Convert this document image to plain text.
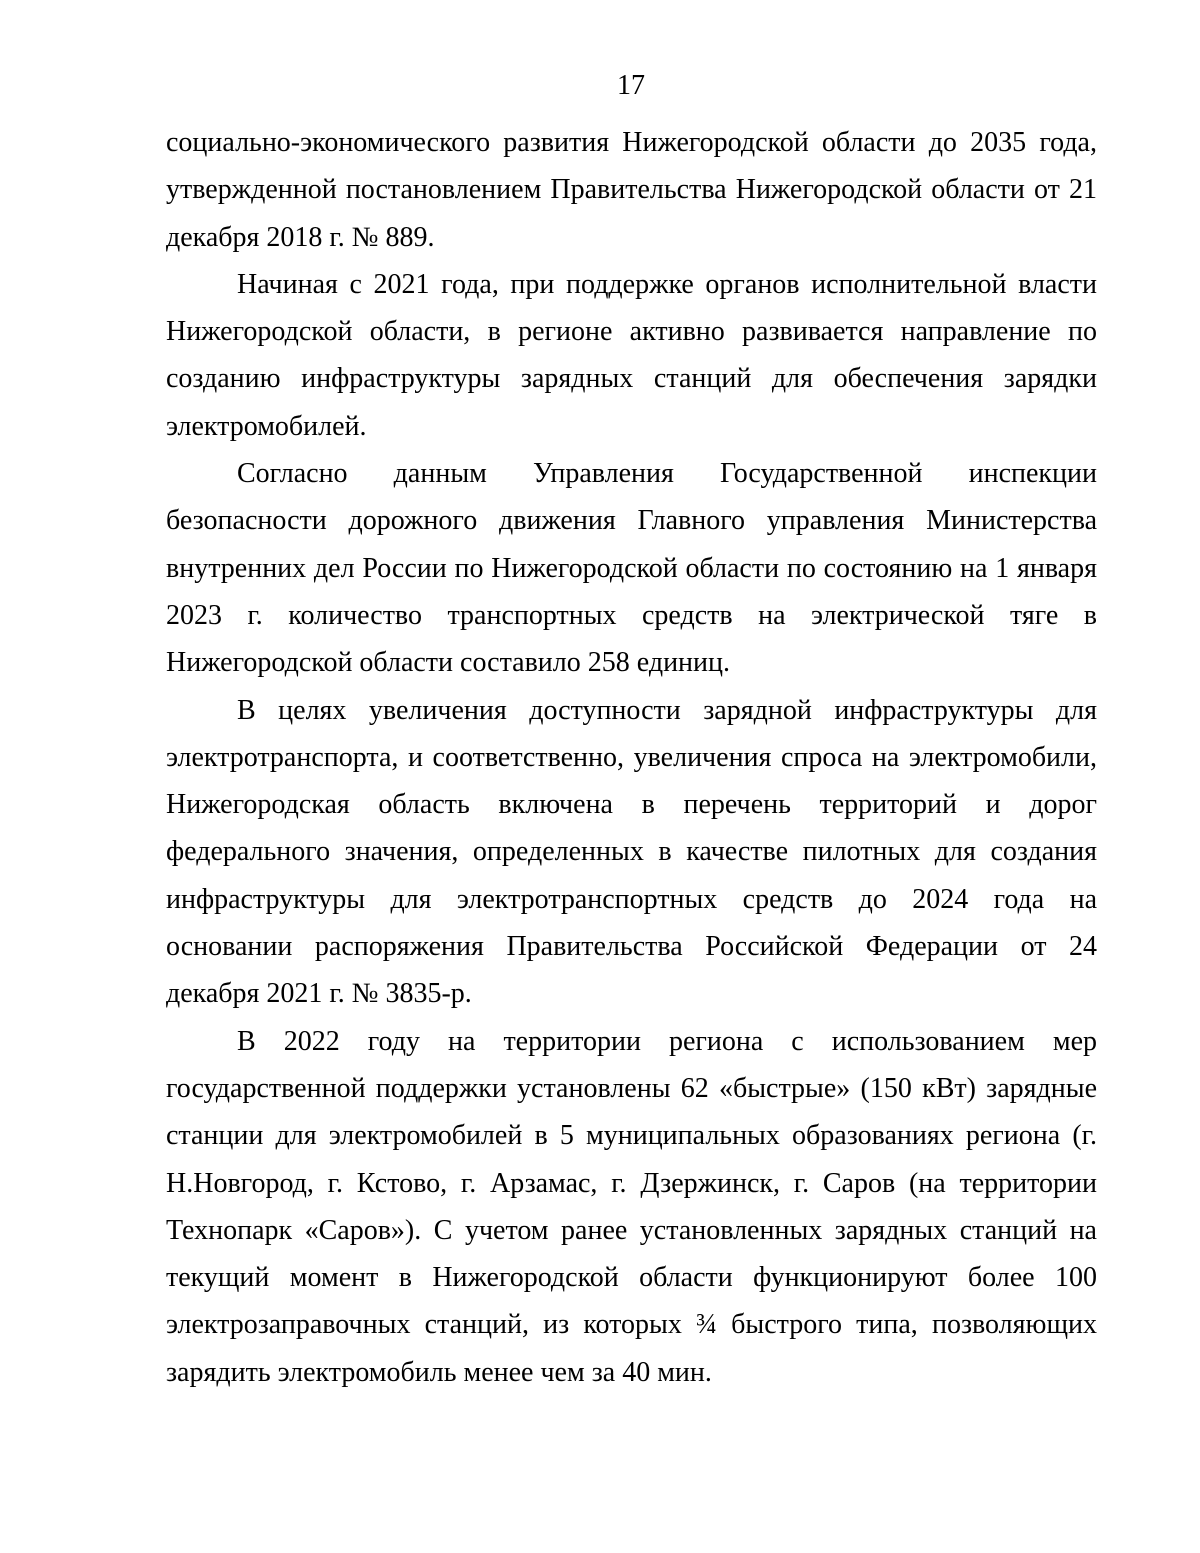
17

социально-экономического развития Нижегородской области до 2035 года, утвержденной постановлением Правительства Нижегородской области от 21 декабря 2018 г. № 889.

Начиная с 2021 года, при поддержке органов исполнительной власти Нижегородской области, в регионе активно развивается направление по созданию инфраструктуры зарядных станций для обеспечения зарядки электромобилей.

Согласно данным Управления Государственной инспекции безопасности дорожного движения Главного управления Министерства внутренних дел России по Нижегородской области по состоянию на 1 января 2023 г. количество транспортных средств на электрической тяге в Нижегородской области составило 258 единиц.

В целях увеличения доступности зарядной инфраструктуры для электротранспорта, и соответственно, увеличения спроса на электромобили, Нижегородская область включена в перечень территорий и дорог федерального значения, определенных в качестве пилотных для создания инфраструктуры для электротранспортных средств до 2024 года на основании распоряжения Правительства Российской Федерации от 24 декабря 2021 г. № 3835-р.

В 2022 году на территории региона с использованием мер государственной поддержки установлены 62 «быстрые» (150 кВт) зарядные станции для электромобилей в 5 муниципальных образованиях региона (г. Н.Новгород, г. Кстово, г. Арзамас, г. Дзержинск, г. Саров (на территории Технопарк «Саров»). С учетом ранее установленных зарядных станций на текущий момент в Нижегородской области функционируют более 100 электрозаправочных станций, из которых ¾ быстрого типа, позволяющих зарядить электромобиль менее чем за 40 мин.
